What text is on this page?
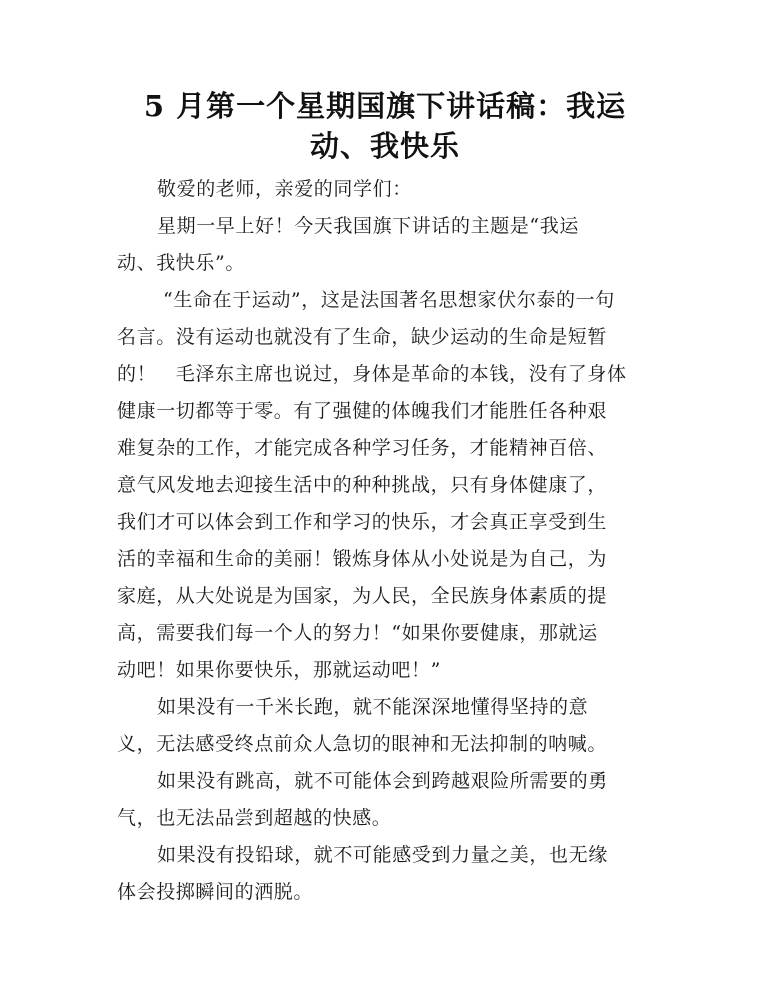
5 月第一个星期国旗下讲话稿：我运
动、我快乐
敬爱的老师，亲爱的同学们：
星期一早上好！今天我国旗下讲话的主题是“我运
动、我快乐”。
“生命在于运动”，这是法国著名思想家伏尔泰的一句
名言。没有运动也就没有了生命，缺少运动的生命是短暂
的！　毛泽东主席也说过，身体是革命的本钱，没有了身体
健康一切都等于零。有了强健的体魄我们才能胜任各种艰
难复杂的工作，才能完成各种学习任务，才能精神百倍、
意气风发地去迎接生活中的种种挑战，只有身体健康了，
我们才可以体会到工作和学习的快乐，才会真正享受到生
活的幸福和生命的美丽！锻炼身体从小处说是为自己，为
家庭，从大处说是为国家，为人民，全民族身体素质的提
高，需要我们每一个人的努力！“如果你要健康，那就运
动吧！如果你要快乐，那就运动吧！”
如果没有一千米长跑，就不能深深地懂得坚持的意
义，无法感受终点前众人急切的眼神和无法抑制的呐喊。
如果没有跳高，就不可能体会到跨越艰险所需要的勇
气，也无法品尝到超越的快感。
如果没有投铅球，就不可能感受到力量之美，也无缘
体会投掷瞬间的洒脱。
